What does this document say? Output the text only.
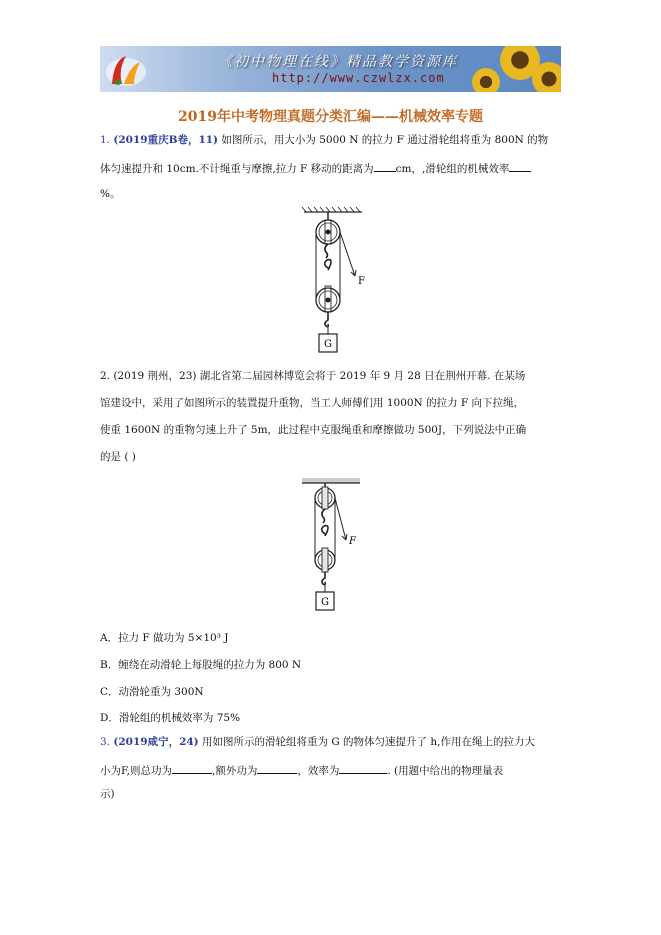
《初中物理在线》精品教学资源库
http://www.czwlzx.com
2019年中考物理真题分类汇编——机械效率专题
1. (2019重庆B卷，11) 如图所示，用大小为 5000 N 的拉力 F 通过滑轮组将重为 800N 的物
体匀速提升和 10cm.不计绳重与摩擦,拉力 F 移动的距离为 cm，,滑轮组的机械效率
%。
F
G
2. (2019 荆州，23) 湖北省第二届园林博览会将于 2019 年 9 月 28 日在荆州开幕. 在某场
馆建设中，采用了如图所示的装置提升重物，当工人师傅们用 1000N 的拉力 F 向下拉绳，
使重 1600N 的重物匀速上升了 5m，此过程中克服绳重和摩擦做功 500J，下列说法中正确
的是 ( )
F
G
A．拉力 F 做功为 5×10³ J
B．缠绕在动滑轮上每股绳的拉力为 800 N
C．动滑轮重为 300N
D．滑轮组的机械效率为 75%
3. (2019咸宁，24) 用如图所示的滑轮组将重为 G 的物体匀速提升了 h,作用在绳上的拉力大
小为F,则总功为	,额外功为	，效率为	. (用题中给出的物理量表
示)
